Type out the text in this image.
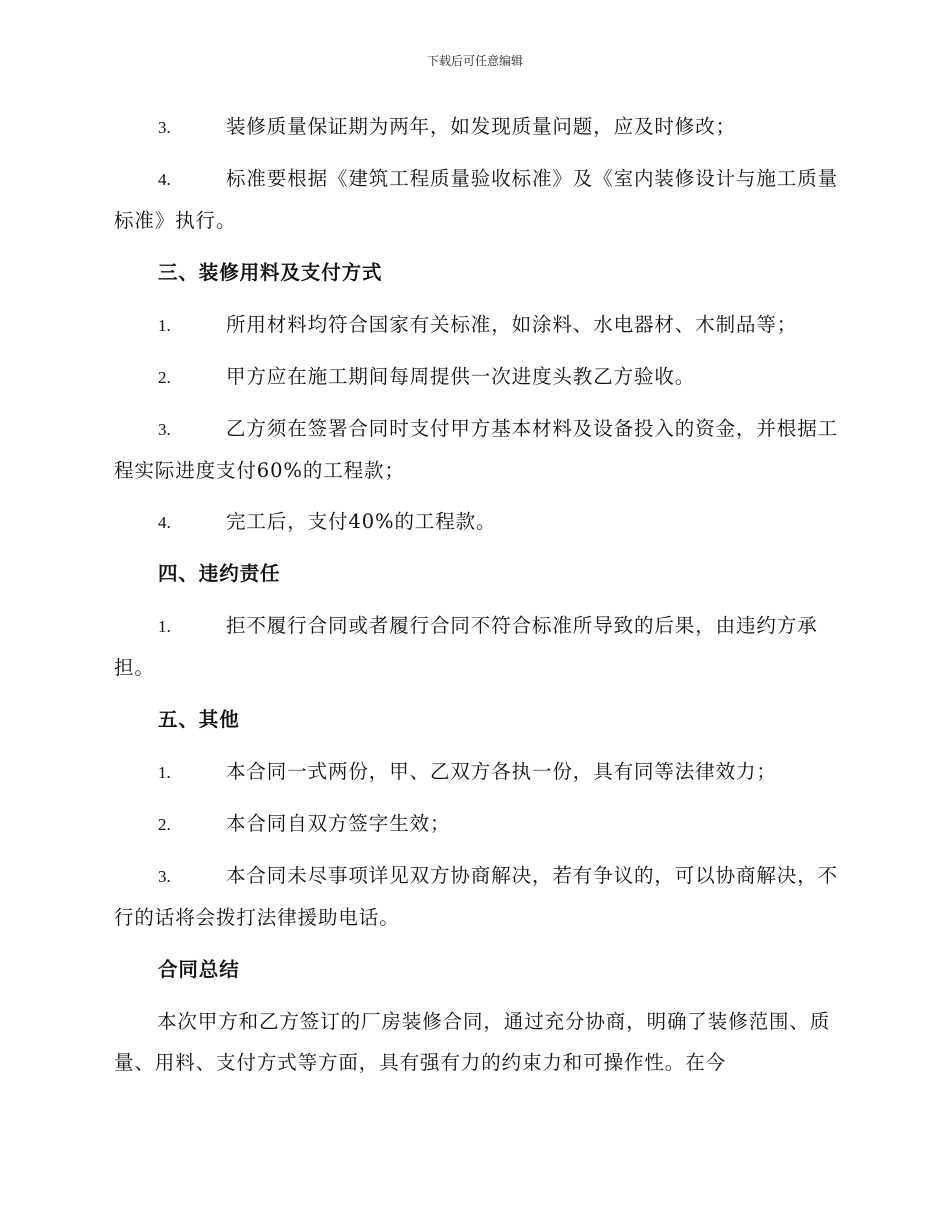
下载后可任意编辑
3.	装修质量保证期为两年，如发现质量问题，应及时修改；
4.	标准要根据《建筑工程质量验收标准》及《室内装修设计与施工质量标准》执行。
三、装修用料及支付方式
1.	所用材料均符合国家有关标准，如涂料、水电器材、木制品等；
2.	甲方应在施工期间每周提供一次进度头教乙方验收。
3.	乙方须在签署合同时支付甲方基本材料及设备投入的资金，并根据工程实际进度支付60%的工程款；
4.	完工后，支付40%的工程款。
四、违约责任
1.	拒不履行合同或者履行合同不符合标准所导致的后果，由违约方承担。
五、其他
1.	本合同一式两份，甲、乙双方各执一份，具有同等法律效力；
2.	本合同自双方签字生效；
3.	本合同未尽事项详见双方协商解决，若有争议的，可以协商解决，不行的话将会拨打法律援助电话。
合同总结
本次甲方和乙方签订的厂房装修合同，通过充分协商，明确了装修范围、质量、用料、支付方式等方面，具有强有力的约束力和可操作性。在今
